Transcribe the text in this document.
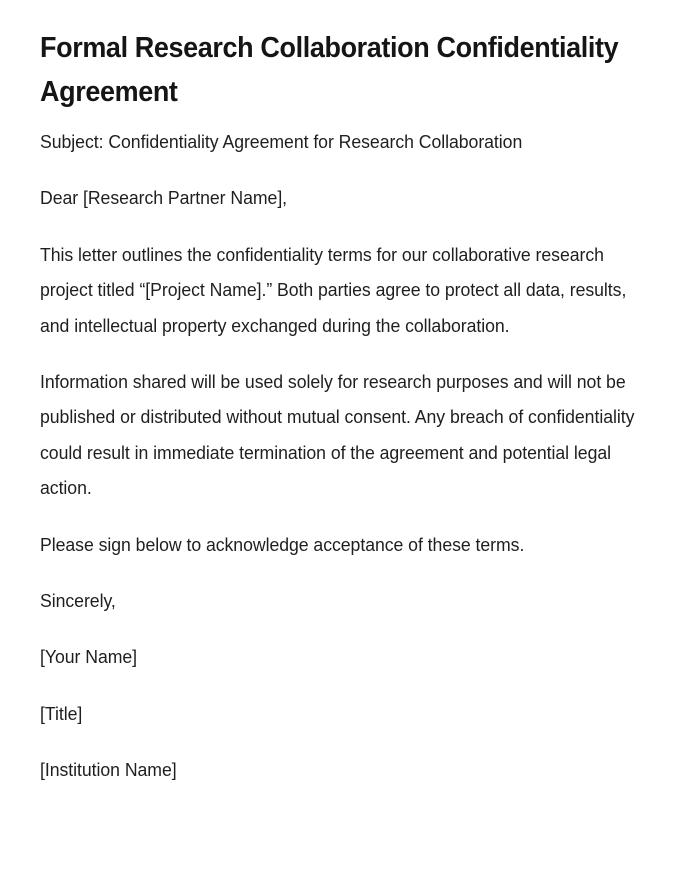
Formal Research Collaboration Confidentiality Agreement

Subject: Confidentiality Agreement for Research Collaboration

Dear [Research Partner Name],

This letter outlines the confidentiality terms for our collaborative research project titled “[Project Name].” Both parties agree to protect all data, results, and intellectual property exchanged during the collaboration.

Information shared will be used solely for research purposes and will not be published or distributed without mutual consent. Any breach of confidentiality could result in immediate termination of the agreement and potential legal action.

Please sign below to acknowledge acceptance of these terms.

Sincerely,

[Your Name]

[Title]

[Institution Name]
